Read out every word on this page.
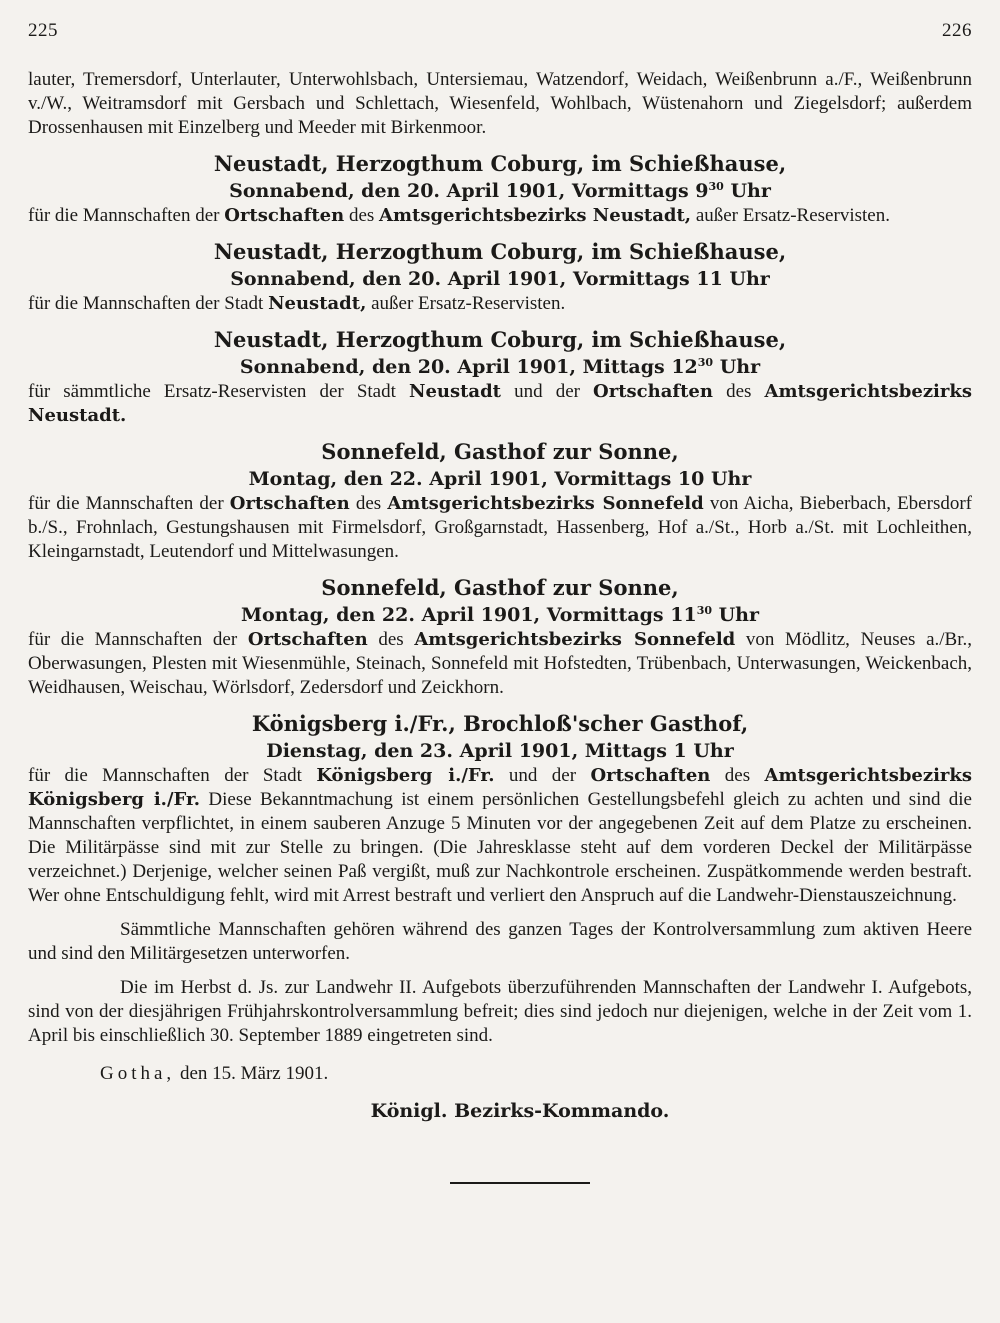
225	226

lauter, Tremersdorf, Unterlauter, Unterwohlsbach, Untersiemau, Watzendorf, Weidach, Weißenbrunn a./F., Weißenbrunn v./W., Weitramsdorf mit Gersbach und Schlettach, Wiesenfeld, Wohlbach, Wüstenahorn und Ziegelsdorf; außerdem Drossenhausen mit Einzelberg und Meeder mit Birkenmoor.

Neustadt, Herzogthum Coburg, im Schießhause,

Sonnabend, den 20. April 1901, Vormittags $9^{30}$ Uhr

für die Mannschaften der Ortschaften des Amtsgerichtsbezirks Neustadt, außer Ersatz-Reservisten.

Neustadt, Herzogthum Coburg, im Schießhause,

Sonnabend, den 20. April 1901, Vormittags 11 Uhr

für die Mannschaften der Stadt Neustadt, außer Ersatz-Reservisten.

Neustadt, Herzogthum Coburg, im Schießhause,

Sonnabend, den 20. April 1901, Mittags $12^{30}$ Uhr

für sämmtliche Ersatz-Reservisten der Stadt Neustadt und der Ortschaften des Amtsgerichtsbezirks Neustadt.

Sonnefeld, Gasthof zur Sonne,

Montag, den 22. April 1901, Vormittags 10 Uhr

für die Mannschaften der Ortschaften des Amtsgerichtsbezirks Sonnefeld von Aicha, Bieberbach, Ebersdorf b./S., Frohnlach, Gestungshausen mit Firmelsdorf, Großgarnstadt, Hassenberg, Hof a./St., Horb a./St. mit Lochleithen, Kleingarnstadt, Leutendorf und Mittelwasungen.

Sonnefeld, Gasthof zur Sonne,

Montag, den 22. April 1901, Vormittags $11^{30}$ Uhr

für die Mannschaften der Ortschaften des Amtsgerichtsbezirks Sonnefeld von Mödlitz, Neuses a./Br., Oberwasungen, Plesten mit Wiesenmühle, Steinach, Sonnefeld mit Hofstedten, Trübenbach, Unterwasungen, Weickenbach, Weidhausen, Weischau, Wörlsdorf, Zedersdorf und Zeickhorn.

Königsberg i./Fr., Brochloß'scher Gasthof,

Dienstag, den 23. April 1901, Mittags 1 Uhr

für die Mannschaften der Stadt Königsberg i./Fr. und der Ortschaften des Amtsgerichtsbezirks Königsberg i./Fr. Diese Bekanntmachung ist einem persönlichen Gestellungsbefehl gleich zu achten und sind die Mannschaften verpflichtet, in einem sauberen Anzuge 5 Minuten vor der angegebenen Zeit auf dem Platze zu erscheinen. Die Militärpässe sind mit zur Stelle zu bringen. (Die Jahresklasse steht auf dem vorderen Deckel der Militärpässe verzeichnet.) Derjenige, welcher seinen Paß vergißt, muß zur Nachkontrole erscheinen. Zuspätkommende werden bestraft. Wer ohne Entschuldigung fehlt, wird mit Arrest bestraft und verliert den Anspruch auf die Landwehr-Dienstauszeichnung.

Sämmtliche Mannschaften gehören während des ganzen Tages der Kontrolversammlung zum aktiven Heere und sind den Militärgesetzen unterworfen.

Die im Herbst d. Js. zur Landwehr II. Aufgebots überzuführenden Mannschaften der Landwehr I. Aufgebots, sind von der diesjährigen Frühjahrskontrolversammlung befreit; dies sind jedoch nur diejenigen, welche in der Zeit vom 1. April bis einschließlich 30. September 1889 eingetreten sind.

Gotha, den 15. März 1901.

Königl. Bezirks-Kommando.
